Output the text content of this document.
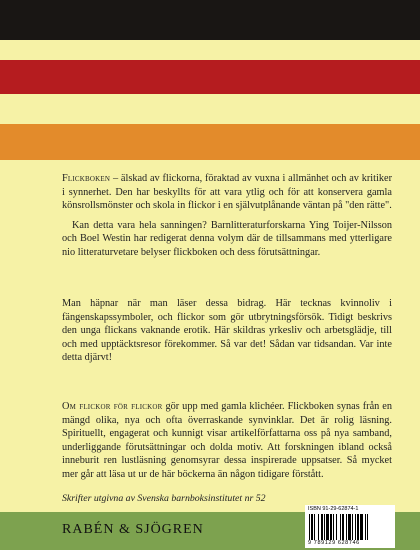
Flickboken – älskad av flickorna, föraktad av vuxna i allmänhet och av kritiker i synnerhet. Den har beskyllts för att vara ytlig och för att konservera gamla könsrollsmönster och skola in flickor i en självutplånande väntan på "den rätte".

Kan detta vara hela sanningen? Barnlitteraturforskarna Ying Toijer-Nilsson och Boel Westin har redigerat denna volym där de tillsammans med ytterligare nio litteraturvetare belyser flickboken och dess förutsättningar.

Man häpnar när man läser dessa bidrag. Här tecknas kvinnoliv i fängenskapssymboler, och flickor som gör utbrytningsförsök. Tidigt beskrivs den unga flickans vaknande erotik. Här skildras yrkesliv och arbetsglädje, till och med upptäcktsresor förekommer. Så var det! Sådan var tidsandan. Var inte detta djärvt!

Om flickor för flickor gör upp med gamla klichéer. Flickboken synas från en mängd olika, nya och ofta överraskande synvinklar. Det är rolig läsning. Spirituellt, engagerat och kunnigt visar artikelförfattarna oss på nya samband, underliggande förutsättningar och dolda motiv. Att forskningen ibland också inneburit ren lustläsning genomsyrar dessa inspirerade uppsatser. Så mycket mer går att läsa ut ur de här böckerna än någon tidigare förstått.

Skrifter utgivna av Svenska barnboksinstitutet nr 52
RABÉN & SJÖGREN
ISBN 91-29-62874-1
9 789129 628746
